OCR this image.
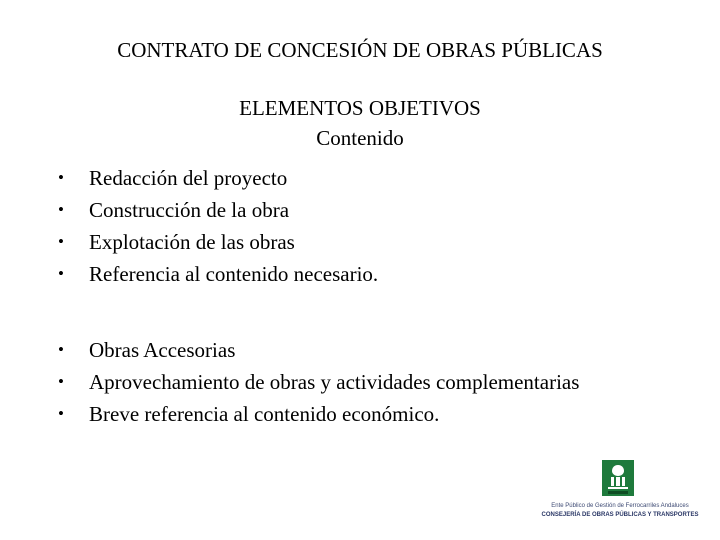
CONTRATO DE CONCESIÓN DE OBRAS PÚBLICAS
ELEMENTOS OBJETIVOS
Contenido
• Redacción del proyecto
• Construcción de la obra
• Explotación de las obras
• Referencia al contenido necesario.
• Obras Accesorias
• Aprovechamiento de obras y actividades complementarias
• Breve referencia al contenido económico.
Ente Público de Gestión de Ferrocarriles Andaluces
CONSEJERÍA DE OBRAS PÚBLICAS Y TRANSPORTES
